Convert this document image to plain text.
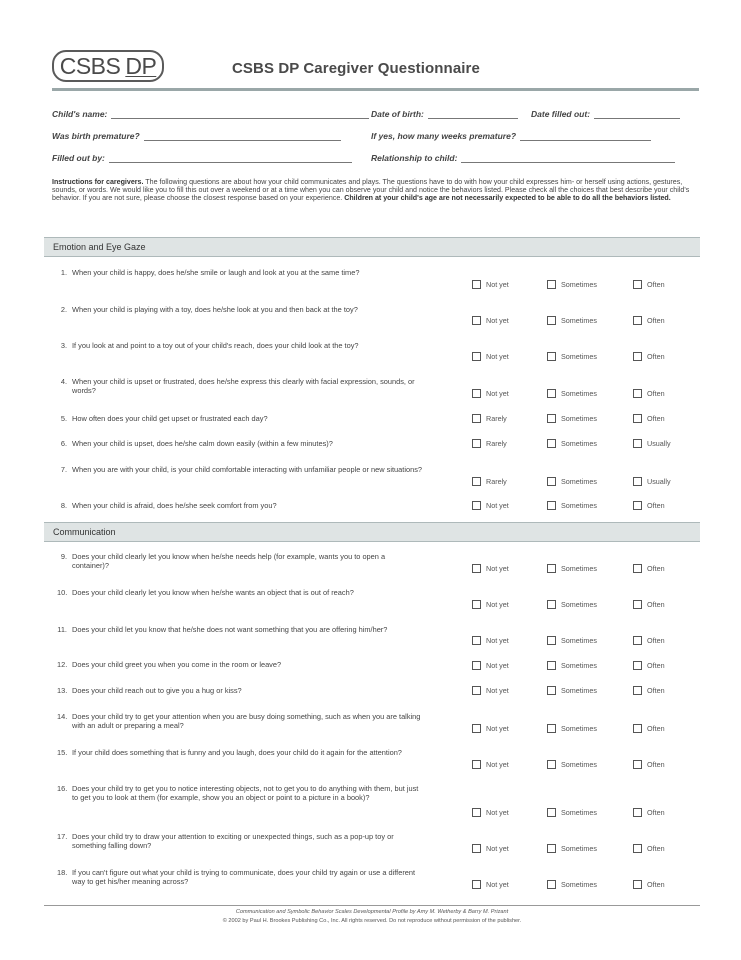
CSBS DP	CSBS DP Caregiver Questionnaire
Child's name:	Date of birth:	Date filled out:
Was birth premature?	If yes, how many weeks premature?
Filled out by:	Relationship to child:
Instructions for caregivers. The following questions are about how your child communicates and plays. The questions have to do with how your child expresses him- or herself using actions, gestures, sounds, or words. We would like you to fill this out over a weekend or at a time when you can observe your child and notice the behaviors listed. Please check all the choices that best describe your child's behavior. If you are not sure, please choose the closest response based on your experience. Children at your child's age are not necessarily expected to be able to do all the behaviors listed.
Emotion and Eye Gaze
Communication
1. When your child is happy, does he/she smile or laugh and look at you at the same time?
Not yet	Sometimes	Often
2. When your child is playing with a toy, does he/she look at you and then back at the toy?
Not yet	Sometimes	Often
3. If you look at and point to a toy out of your child's reach, does your child look at the toy?
Not yet	Sometimes	Often
4. When your child is upset or frustrated, does he/she express this clearly with facial expression, sounds, or words?	Not yet	Sometimes	Often
5. How often does your child get upset or frustrated each day?	Rarely	Sometimes	Often
6. When your child is upset, does he/she calm down easily (within a few minutes)?	Rarely	Sometimes	Usually
7. When you are with your child, is your child comfortable interacting with unfamiliar people or new situations?
Rarely	Sometimes	Usually
8. When your child is afraid, does he/she seek comfort from you?	Not yet	Sometimes	Often
9. Does your child clearly let you know when he/she needs help (for example, wants you to open a container)?	Not yet	Sometimes	Often
10. Does your child clearly let you know when he/she wants an object that is out of reach?
Not yet	Sometimes	Often
11. Does your child let you know that he/she does not want something that you are offering him/her?
Not yet	Sometimes	Often
12. Does your child greet you when you come in the room or leave?	Not yet	Sometimes	Often
13. Does your child reach out to give you a hug or kiss?	Not yet	Sometimes	Often
14. Does your child try to get your attention when you are busy doing something, such as when you are talking with an adult or preparing a meal?	Not yet	Sometimes	Often
15. If your child does something that is funny and you laugh, does your child do it again for the attention?
Not yet	Sometimes	Often
16. Does your child try to get you to notice interesting objects, not to get you to do anything with them, but just to get you to look at them (for example, show you an object or point to a picture in a book)?
Not yet	Sometimes	Often
17. Does your child try to draw your attention to exciting or unexpected things, such as a pop-up toy or something falling down?	Not yet	Sometimes	Often
18. If you can't figure out what your child is trying to communicate, does your child try again or use a different way to get his/her meaning across?	Not yet	Sometimes	Often
Communication and Symbolic Behavior Scales Developmental Profile by Amy M. Wetherby & Barry M. Prizant
© 2002 by Paul H. Brookes Publishing Co., Inc. All rights reserved. Do not reproduce without permission of the publisher.
